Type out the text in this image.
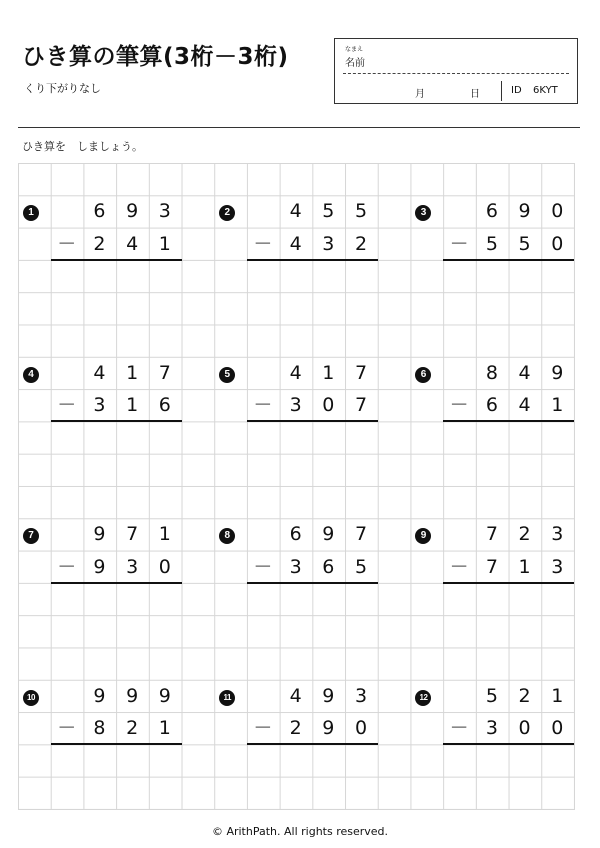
ひき算の筆算(3桁－3桁)
くり下がりなし
なまえ
名前
月	日	ID 6KYT
ひき算を　しましょう。
1	6	9	3
－ 2	4	1
2	4	5	5
－ 4	3	2
3	6	9	0
－ 5	5	0
4	4	1	7
－ 3	1	6
5	4	1	7
－ 3	0	7
6	8	4	9
－ 6	4	1
7	9	7	1
－ 9	3	0
8	6	9	7
－ 3	6	5
9	7	2	3
－ 7	1	3
10	9	9	9
－ 8	2	1
11	4	9	3
－ 2	9	0
12	5	2	1
－ 3	0	0
© ArithPath. All rights reserved.
